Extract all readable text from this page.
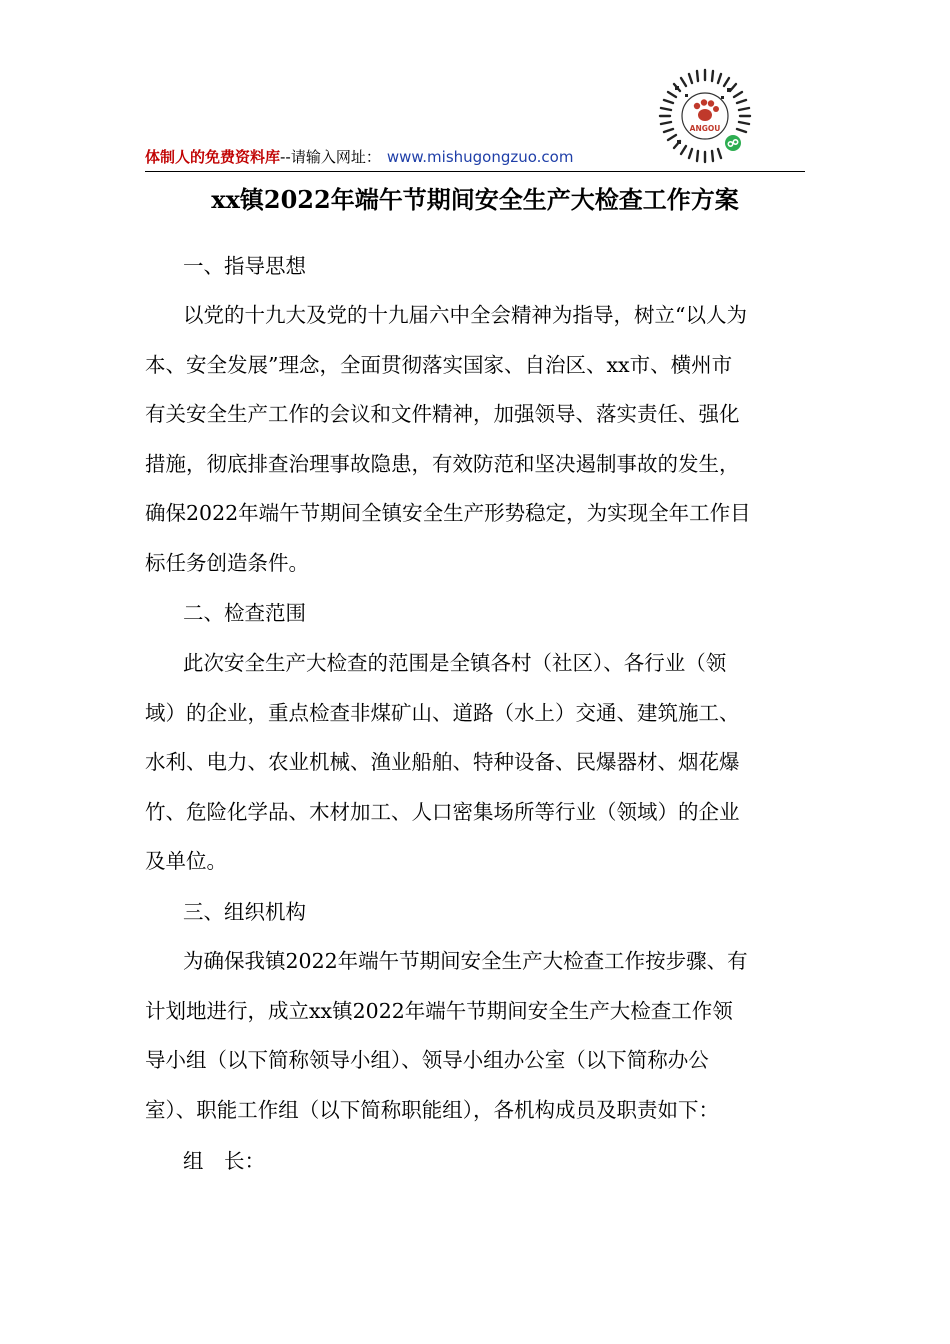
体制人的免费资料库--请输入网址： www.mishugongzuo.com
ANGOU
xx镇2022年端午节期间安全生产大检查工作方案

一、指导思想

以党的十九大及党的十九届六中全会精神为指导，树立“以人为
本、安全发展”理念，全面贯彻落实国家、自治区、xx市、横州市
有关安全生产工作的会议和文件精神，加强领导、落实责任、强化
措施，彻底排查治理事故隐患，有效防范和坚决遏制事故的发生，
确保2022年端午节期间全镇安全生产形势稳定，为实现全年工作目
标任务创造条件。

二、检查范围

此次安全生产大检查的范围是全镇各村（社区）、各行业（领
域）的企业，重点检查非煤矿山、道路（水上）交通、建筑施工、
水利、电力、农业机械、渔业船舶、特种设备、民爆器材、烟花爆
竹、危险化学品、木材加工、人口密集场所等行业（领域）的企业
及单位。

三、组织机构

为确保我镇2022年端午节期间安全生产大检查工作按步骤、有
计划地进行，成立xx镇2022年端午节期间安全生产大检查工作领
导小组（以下简称领导小组）、领导小组办公室（以下简称办公
室）、职能工作组（以下简称职能组），各机构成员及职责如下：

组　长：
